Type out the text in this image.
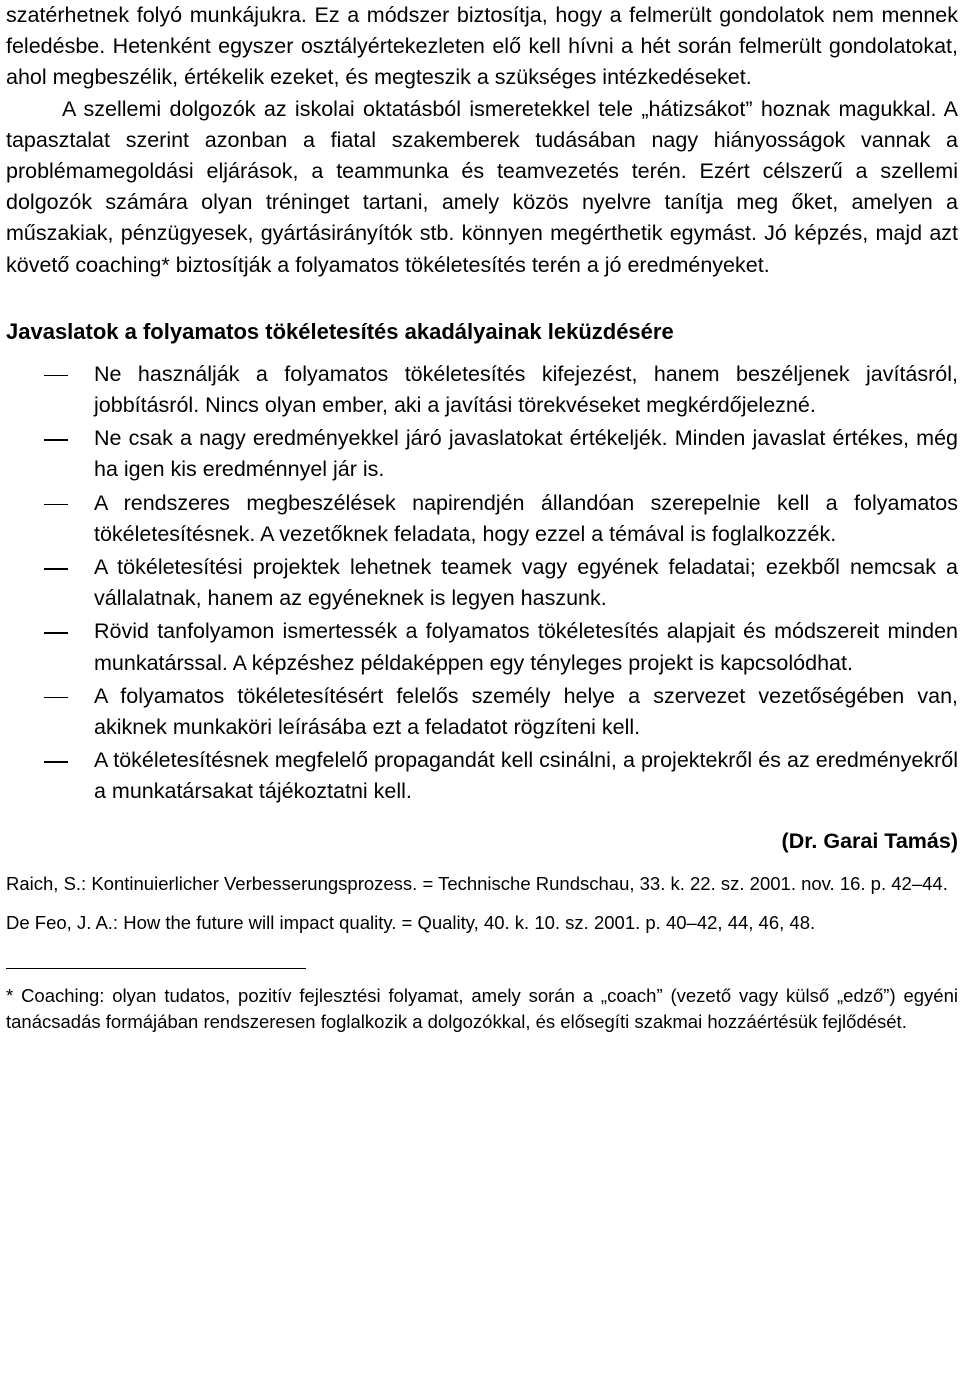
szatérhetnek folyó munkájukra. Ez a módszer biztosítja, hogy a felmerült gondolatok nem mennek feledésbe. Hetenként egyszer osztályértekezleten elő kell hívni a hét során felmerült gondolatokat, ahol megbeszélik, értékelik ezeket, és megteszik a szükséges intézkedéseket.

A szellemi dolgozók az iskolai oktatásból ismeretekkel tele „hátizsákot” hoznak magukkal. A tapasztalat szerint azonban a fiatal szakemberek tudásában nagy hiányosságok vannak a problémamegoldási eljárások, a teammunka és teamvezetés terén. Ezért célszerű a szellemi dolgozók számára olyan tréninget tartani, amely közös nyelvre tanítja meg őket, amelyen a műszakiak, pénzügyesek, gyártásirányítók stb. könnyen megérthetik egymást. Jó képzés, majd azt követő coaching* biztosítják a folyamatos tökéletesítés terén a jó eredményeket.

Javaslatok a folyamatos tökéletesítés akadályainak leküzdésére
Ne használják a folyamatos tökéletesítés kifejezést, hanem beszéljenek javításról, jobbításról. Nincs olyan ember, aki a javítási törekvéseket megkérdőjelezné.
Ne csak a nagy eredményekkel járó javaslatokat értékeljék. Minden javaslat értékes, még ha igen kis eredménnyel jár is.
A rendszeres megbeszélések napirendjén állandóan szerepelnie kell a folyamatos tökéletesítésnek. A vezetőknek feladata, hogy ezzel a témával is foglalkozzék.
A tökéletesítési projektek lehetnek teamek vagy egyének feladatai; ezekből nemcsak a vállalatnak, hanem az egyéneknek is legyen haszunk.
Rövid tanfolyamon ismertessék a folyamatos tökéletesítés alapjait és módszereit minden munkatárssal. A képzéshez példaképpen egy tényleges projekt is kapcsolódhat.
A folyamatos tökéletesítésért felelős személy helye a szervezet vezetőségében van, akiknek munkaköri leírásába ezt a feladatot rögzíteni kell.
A tökéletesítésnek megfelelő propagandát kell csinálni, a projektekről és az eredményekről a munkatársakat tájékoztatni kell.
(Dr. Garai Tamás)

Raich, S.: Kontinuierlicher Verbesserungsprozess. = Technische Rundschau, 33. k. 22. sz. 2001. nov. 16. p. 42–44.

De Feo, J. A.: How the future will impact quality. = Quality, 40. k. 10. sz. 2001. p. 40–42, 44, 46, 48.

* Coaching: olyan tudatos, pozitív fejlesztési folyamat, amely során a „coach” (vezető vagy külső „edző”) egyéni tanácsadás formájában rendszeresen foglalkozik a dolgozókkal, és elősegíti szakmai hozzáértésük fejlődését.
